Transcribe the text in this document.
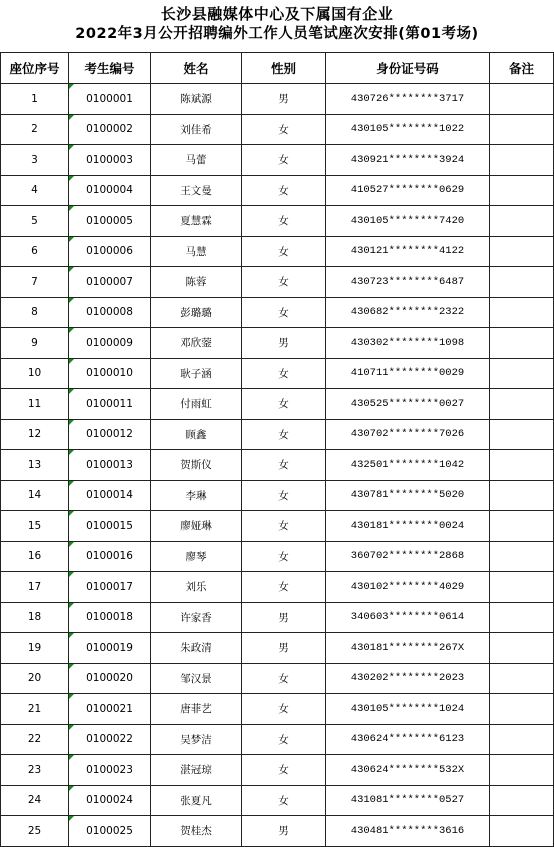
长沙县融媒体中心及下属国有企业
2022年3月公开招聘编外工作人员笔试座次安排(第01考场)
座位序号	考生编号	姓名	性别	身份证号码	备注
1	0100001	陈斌源	男	430726********3717	
2	0100002	刘佳希	女	430105********1022	
3	0100003	马蕾	女	430921********3924	
4	0100004	王文曼	女	410527********0629	
5	0100005	夏慧霖	女	430105********7420	
6	0100006	马慧	女	430121********4122	
7	0100007	陈蓉	女	430723********6487	
8	0100008	彭璐璐	女	430682********2322	
9	0100009	邓欣蓥	男	430302********1098	
10	0100010	耿子涵	女	410711********0029	
11	0100011	付雨虹	女	430525********0027	
12	0100012	顾鑫	女	430702********7026	
13	0100013	贺斯仪	女	432501********1042	
14	0100014	李琳	女	430781********5020	
15	0100015	廖娅琳	女	430181********0024	
16	0100016	廖琴	女	360702********2868	
17	0100017	刘乐	女	430102********4029	
18	0100018	许家香	男	340603********0614	
19	0100019	朱政清	男	430181********267X	
20	0100020	邹汉景	女	430202********2023	
21	0100021	唐菲艺	女	430105********1024	
22	0100022	吴梦洁	女	430624********6123	
23	0100023	湛冠琼	女	430624********532X	
24	0100024	张夏凡	女	431081********0527	
25	0100025	贺桂杰	男	430481********3616	
